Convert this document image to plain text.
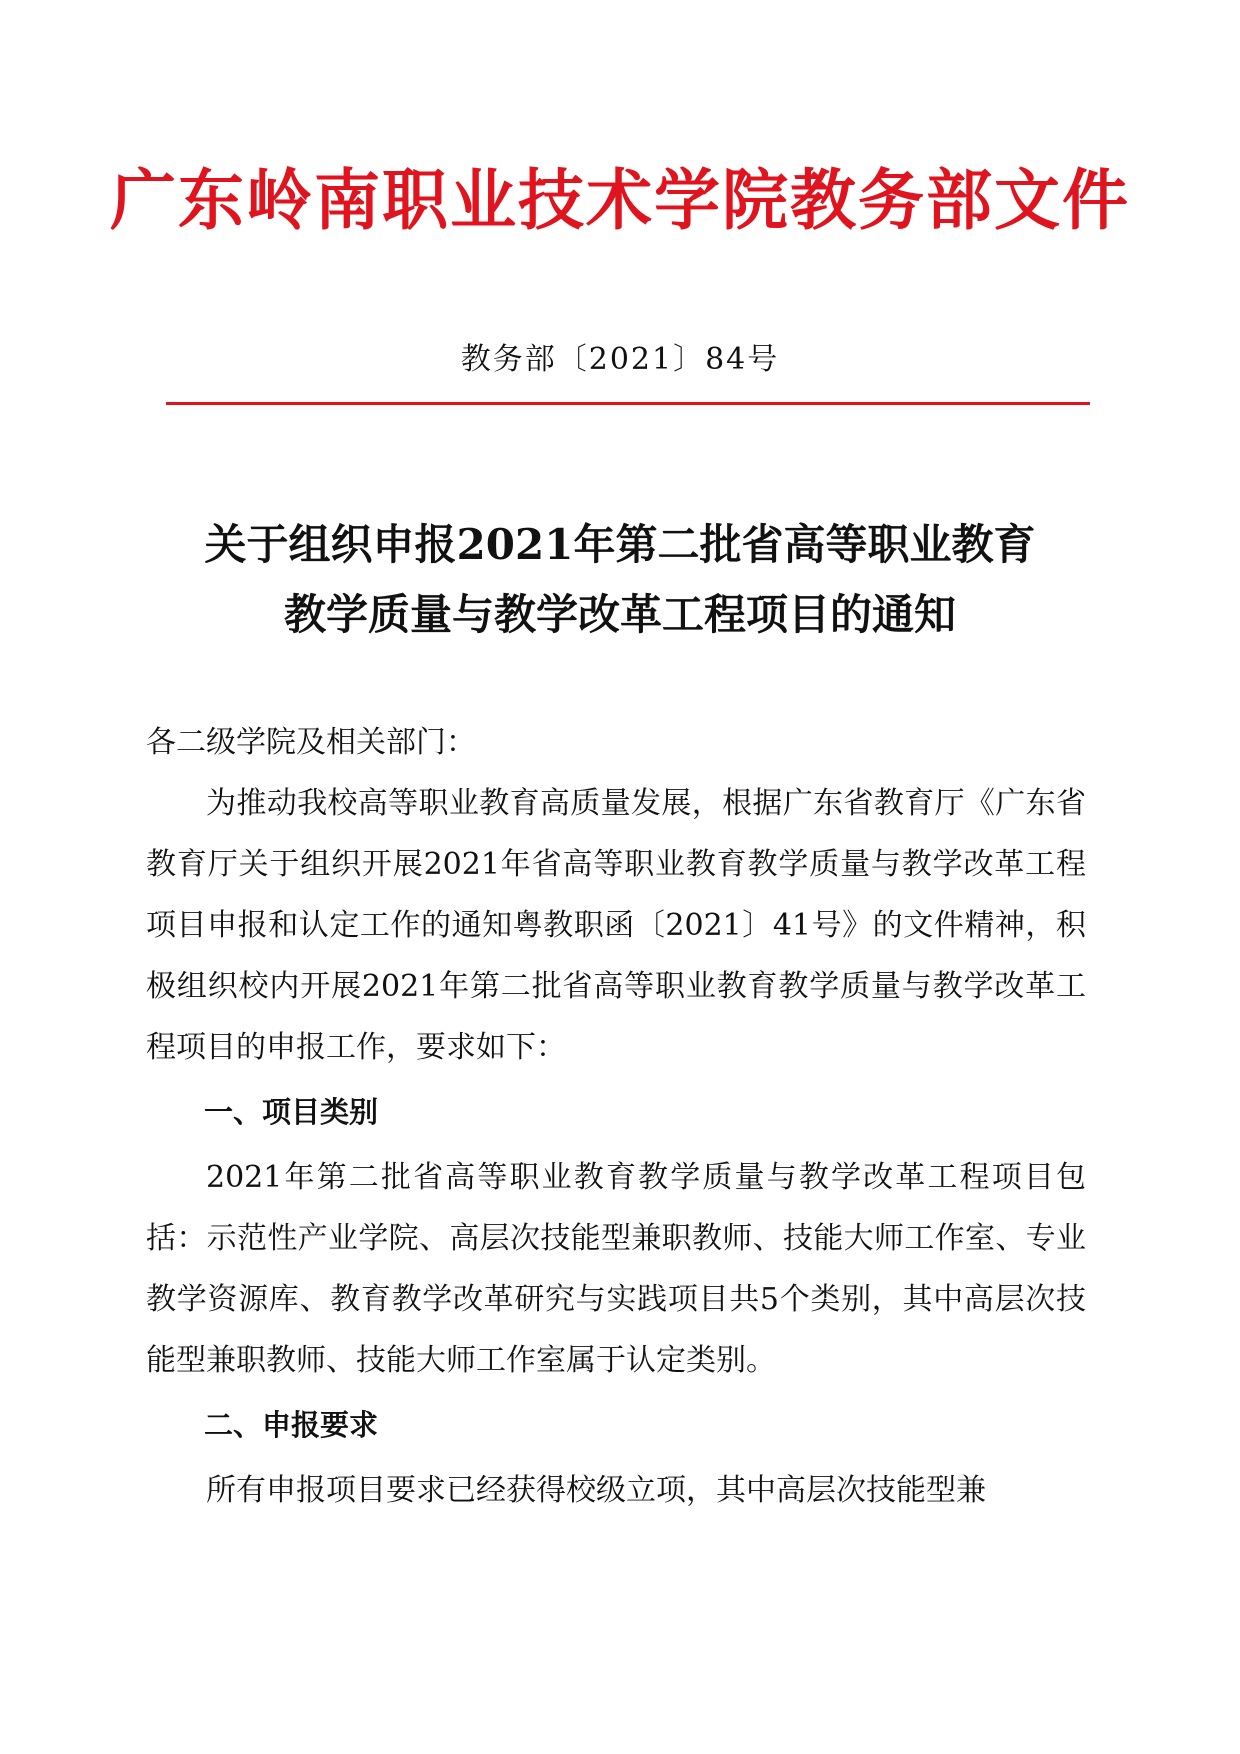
广东岭南职业技术学院教务部文件
教务部〔2021〕84号
关于组织申报2021年第二批省高等职业教育
教学质量与教学改革工程项目的通知

各二级学院及相关部门：

为推动我校高等职业教育高质量发展，根据广东省教育厅《广东省教育厅关于组织开展2021年省高等职业教育教学质量与教学改革工程项目申报和认定工作的通知粤教职函〔2021〕41号》的文件精神，积极组织校内开展2021年第二批省高等职业教育教学质量与教学改革工程项目的申报工作，要求如下：

一、项目类别

2021年第二批省高等职业教育教学质量与教学改革工程项目包括：示范性产业学院、高层次技能型兼职教师、技能大师工作室、专业教学资源库、教育教学改革研究与实践项目共5个类别，其中高层次技能型兼职教师、技能大师工作室属于认定类别。

二、申报要求

所有申报项目要求已经获得校级立项，其中高层次技能型兼
